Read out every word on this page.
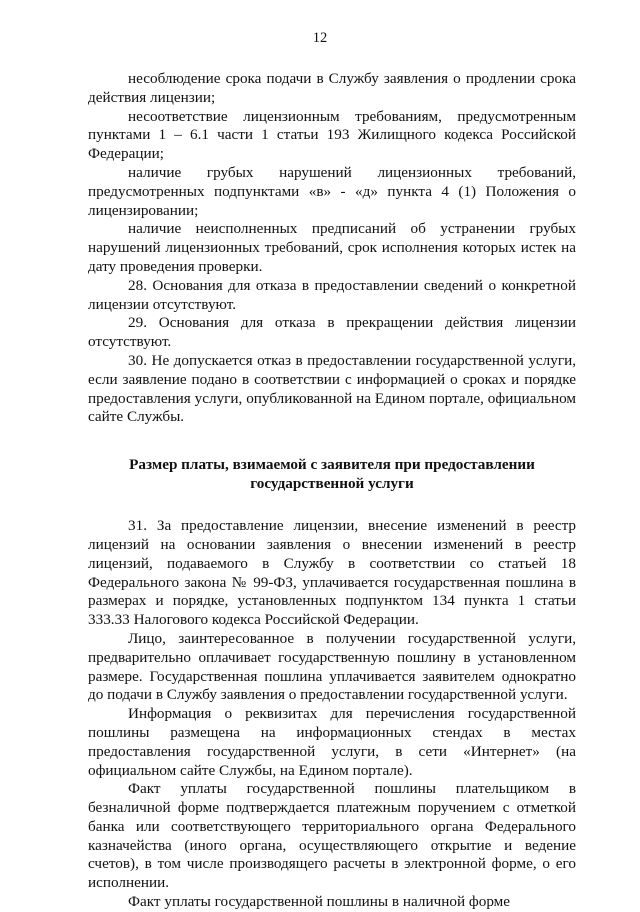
12

несоблюдение срока подачи в Службу заявления о продлении срока действия лицензии;

несоответствие лицензионным требованиям, предусмотренным пунктами 1 – 6.1 части 1 статьи 193 Жилищного кодекса Российской Федерации;

наличие грубых нарушений лицензионных требований, предусмотренных подпунктами «в» - «д» пункта 4 (1) Положения о лицензировании;

наличие неисполненных предписаний об устранении грубых нарушений лицензионных требований, срок исполнения которых истек на дату проведения проверки.

28. Основания для отказа в предоставлении сведений о конкретной лицензии отсутствуют.

29. Основания для отказа в прекращении действия лицензии отсутствуют.

30. Не допускается отказ в предоставлении государственной услуги, если заявление подано в соответствии с информацией о сроках и порядке предоставления услуги, опубликованной на Едином портале, официальном сайте Службы.

Размер платы, взимаемой с заявителя при предоставлении
государственной услуги

31. За предоставление лицензии, внесение изменений в реестр лицензий на основании заявления о внесении изменений в реестр лицензий, подаваемого в Службу в соответствии со статьей 18 Федерального закона № 99-ФЗ, уплачивается государственная пошлина в размерах и порядке, установленных подпунктом 134 пункта 1 статьи 333.33 Налогового кодекса Российской Федерации.

Лицо, заинтересованное в получении государственной услуги, предварительно оплачивает государственную пошлину в установленном размере. Государственная пошлина уплачивается заявителем однократно до подачи в Службу заявления о предоставлении государственной услуги.

Информация о реквизитах для перечисления государственной пошлины размещена на информационных стендах в местах предоставления государственной услуги, в сети «Интернет» (на официальном сайте Службы, на Едином портале).

Факт уплаты государственной пошлины плательщиком в безналичной форме подтверждается платежным поручением с отметкой банка или соответствующего территориального органа Федерального казначейства (иного органа, осуществляющего открытие и ведение счетов), в том числе производящего расчеты в электронной форме, о его исполнении.

Факт уплаты государственной пошлины в наличной форме
